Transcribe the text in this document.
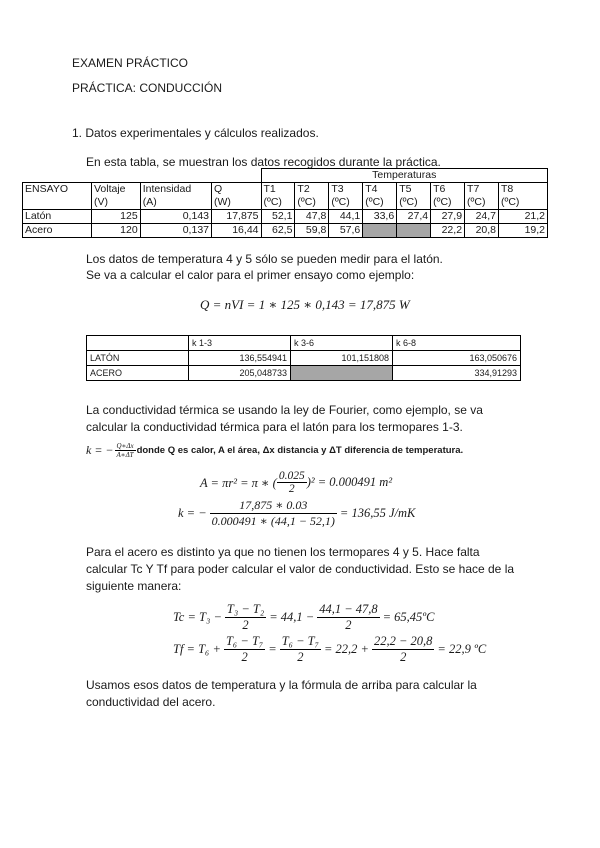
EXAMEN PRÁCTICO
PRÁCTICA: CONDUCCIÓN
1. Datos experimentales y cálculos realizados.
En esta tabla, se muestran los datos recogidos durante la práctica.
				Temperaturas							
ENSAYO	Voltaje	Intensidad	Q	T1	T2	T3	T4	T5	T6	T7	T8
	(V)	(A)	(W)	(ºC)	(ºC)	(ºC)	(ºC)	(ºC)	(ºC)	(ºC)	(ºC)
Latón	125	0,143	17,875	52,1	47,8	44,1	33,6	27,4	27,9	24,7	21,2
Acero	120	0,137	16,44	62,5	59,8	57,6			22,2	20,8	19,2
Los datos de temperatura 4 y 5 sólo se pueden medir para el latón.
Se va a calcular el calor para el primer ensayo como ejemplo:
Q = nVI = 1 ∗ 125 ∗ 0,143 = 17,875 W
	k 1-3	k 3-6	k 6-8
LATÓN	136,554941	101,151808	163,050676
ACERO	205,048733		334,91293
La conductividad térmica se usando la ley de Fourier, como ejemplo, se va
calcular la conductividad térmica para el latón para los termopares 1-3.
k = − $\frac{Q∗\Delta x}{A∗\Delta T}$ donde Q es calor, A el área, Δx distancia y ΔT diferencia de temperatura.
A = πr² = π ∗ ( $\frac{0.025}{2} )^2 = 0.000491$ m²
k = − $\frac{17,875 ∗ 0.03}{0.000491 ∗ (44,1 - 52,1)} = 136,55$ J/mK
Para el acero es distinto ya que no tienen los termopares 4 y 5. Hace falta
calcular Tc Y Tf para poder calcular el valor de conductividad. Esto se hace de la
siguiente manera:
$Tc = T_3 - \frac{\text{T₃ − T₂}}{2} = 44,1 - \frac{44,1 - 47,8}{2}$ = 65,45ºC
$Tf = T_6 + \frac{\text{T₆ − T₇}}{2} = \frac{\text{T₆ − T₇}}{2} = 22,2 + \frac{22,2 - 20,8}{2} = 22,9$ ºC
Usamos esos datos de temperatura y la fórmula de arriba para calcular la
conductividad del acero.
